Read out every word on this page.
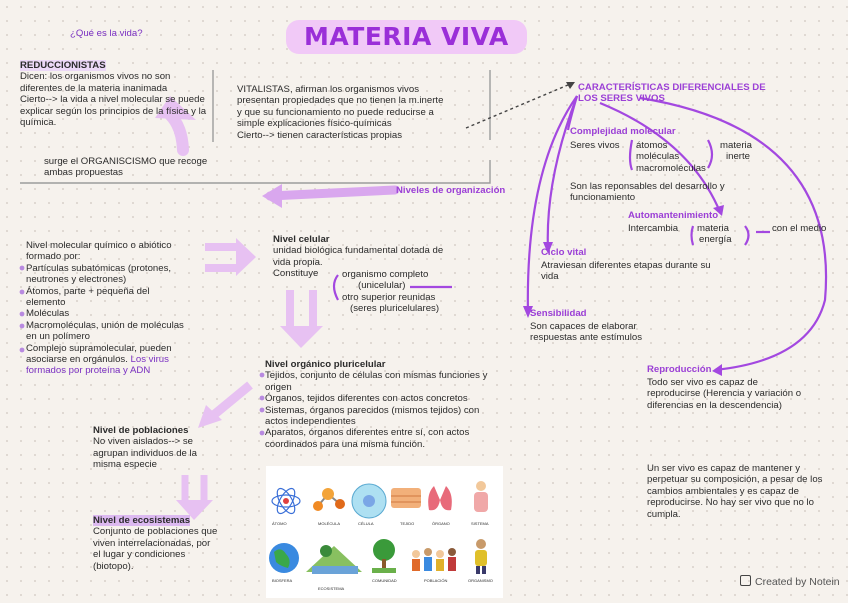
MATERIA VIVA
¿Qué es la vida?
REDUCCIONISTAS
Dicen: los organismos vivos no son
diferentes de la materia inanimada
Cierto--> la vida a nivel molecular se puede
explicar según los principios de la física y la
química.
VITALISTAS, afirman los organismos vivos
presentan propiedades que no tienen la m.inerte
y que su funcionamiento no puede reducirse a
simple explicaciones físico-químicas
Cierto--> tienen características propias
surge el ORGANISCISMO que recoge
ambas propuestas
Niveles de organización
Nivel molecular químico o abiótico
formado por:
Partículas subatómicas (protones,
neutrones y electrones)
Átomos, parte + pequeña del
elemento
Moléculas
Macromoléculas, unión de moléculas
en un polímero
Complejo supramolecular, pueden
asociarse en orgánulos. Los virus
formados por proteína y ADN
Nivel celular
unidad biológica fundamental dotada de
vida propia.
Constituye	organismo completo
(unicelular)
otro superior reunidas
(seres pluricelulares)
Nivel orgánico pluricelular
Tejidos, conjunto de células con mismas funciones y
origen
Órganos, tejidos diferentes con actos concretos
Sistemas, órganos parecidos (mismos tejidos) con
actos independientes
Aparatos, órganos diferentes entre sí, con actos
coordinados para una misma función.
Nivel de poblaciones
No viven aislados--> se
agrupan individuos de la
misma especie
Nivel de ecosistemas
Conjunto de poblaciones que
viven interrelacionadas, por
el lugar y condiciones
(biotopo).
CARACTERÍSTICAS DIFERENCIALES DE
LOS SERES VIVOS
Complejidad molecular
Seres vivos átomos
moléculas
macromoléculas
materia
inerte
Son las reponsables del desarrollo y
funcionamiento
Automantenimiento
Intercambia materia
energía
con el medio
Ciclo vital
Atraviesan diferentes etapas durante su
vida
Sensibilidad
Son capaces de elaborar
respuestas ante estímulos
Reproducción
Todo ser vivo es capaz de
reproducirse (Herencia y variación o
diferencias en la descendencia)
Un ser vivo es capaz de mantener y
perpetuar su composición, a pesar de los
cambios ambientales y es capaz de
reproducirse. No hay ser vivo que no lo
cumpla.
ÁTOMO	MOLÉCULA	CÉLULA	TEJIDO	ÓRGANO	SISTEMA
BIOSFERA
ECOSISTEMA
COMUNIDAD	POBLACIÓN	ORGANISMO	Created by Notein
